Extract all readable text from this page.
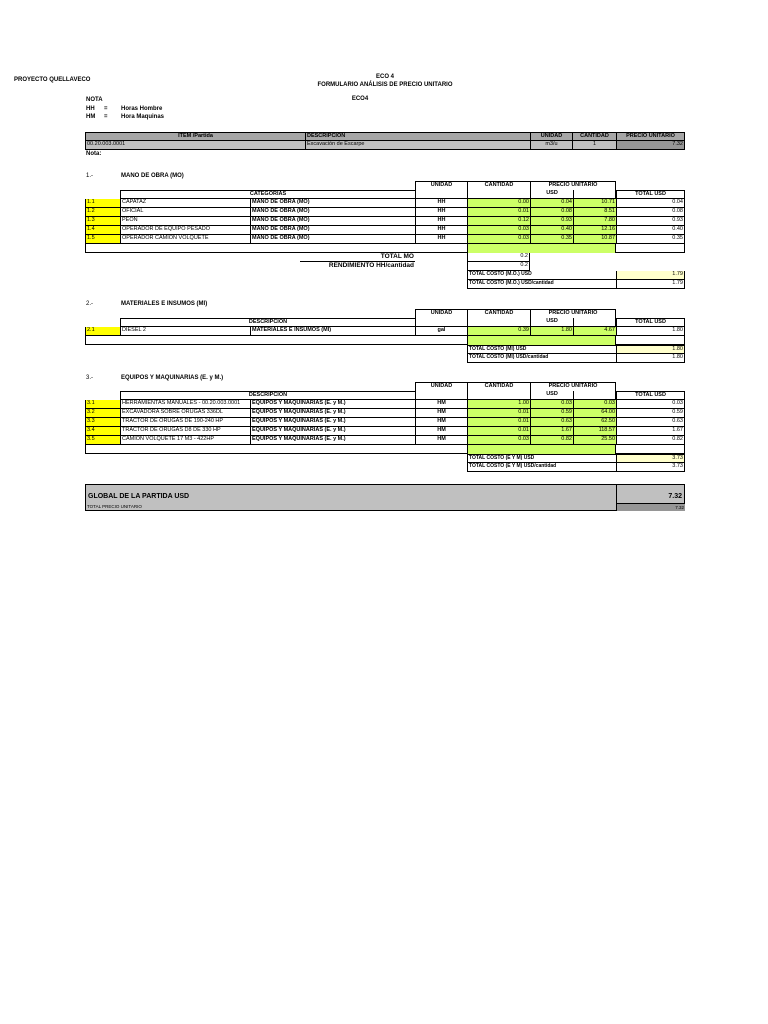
PROYECTO QUELLAVECO	ECO 4
FORMULARIO ANÁLISIS DE PRECIO UNITARIO
ECO4
NOTA
HH = Horas Hombre
HM = Hora Maquinas
ITEM /Partida	DESCRIPCION	UNIDAD	CANTIDAD	PRECIO UNITARIO
00.20.003.0001	Excavación de Escarpe	m3/u	1	7.32
Nota:
1.-	MANO DE OBRA (MO)
UNIDAD	CANTIDAD	PRECIO UNITARIO
CATEGORIAS	USD	TOTAL USD
1.1	CAPATAZ	MANO DE OBRA (MO)	HH	0.00	0.04	10.71	0.04
1.2	OFICIAL	MANO DE OBRA (MO)	HH	0.01	0.08	8.51	0.08
1.3	PEON	MANO DE OBRA (MO)	HH	0.12	0.93	7.80	0.93
1.4	OPERADOR DE EQUIPO PESADO	MANO DE OBRA (MO)	HH	0.03	0.40	12.16	0.40
1.5	OPERADOR CAMION VOLQUETE	MANO DE OBRA (MO)	HH	0.03	0.35	10.87	0.35
TOTAL MO	0.2
RENDIMIENTO HH/cantidad	0.2
TOTAL COSTO (M.O.) USD	1.79
TOTAL COSTO (M.O.) USD/cantidad	1.79
2.-	MATERIALES E INSUMOS (MI)
UNIDAD	CANTIDAD	PRECIO UNITARIO
DESCRIPCION	USD	TOTAL USD
2.1	DIESEL 2	MATERIALES E INSUMOS (MI)	gal	0.39	1.80	4.67	1.80
TOTAL COSTO (MI) USD	1.80
TOTAL COSTO (MI) USD/cantidad	1.80
3.-	EQUIPOS Y MAQUINARIAS (E. y M.)
UNIDAD	CANTIDAD	PRECIO UNITARIO
DESCRIPCION	USD	TOTAL USD
3.1	HERRAMIENTAS MANUALES - 00.20.003.0001	EQUIPOS Y MAQUINARIAS (E. y M.)	HM	1.00	0.03	0.03	0.03
3.2	EXCAVADORA SOBRE ORUGAS 336DL	EQUIPOS Y MAQUINARIAS (E. y M.)	HM	0.01	0.59	64.00	0.59
3.3	TRACTOR DE ORUGAS DE 190-240 HP	EQUIPOS Y MAQUINARIAS (E. y M.)	HM	0.01	0.63	62.50	0.63
3.4	TRACTOR DE ORUGAS D8 DE 330 HP	EQUIPOS Y MAQUINARIAS (E. y M.)	HM	0.01	1.67	118.57	1.67
3.5	CAMION VOLQUETE 17 M3 - 422HP	EQUIPOS Y MAQUINARIAS (E. y M.)	HM	0.03	0.82	25.50	0.82
TOTAL COSTO (E Y M) USD	3.73
TOTAL COSTO (E Y M) USD/cantidad	3.73
GLOBAL DE LA PARTIDA USD	7.32
TOTAL PRECIO UNITARIO	7.32
